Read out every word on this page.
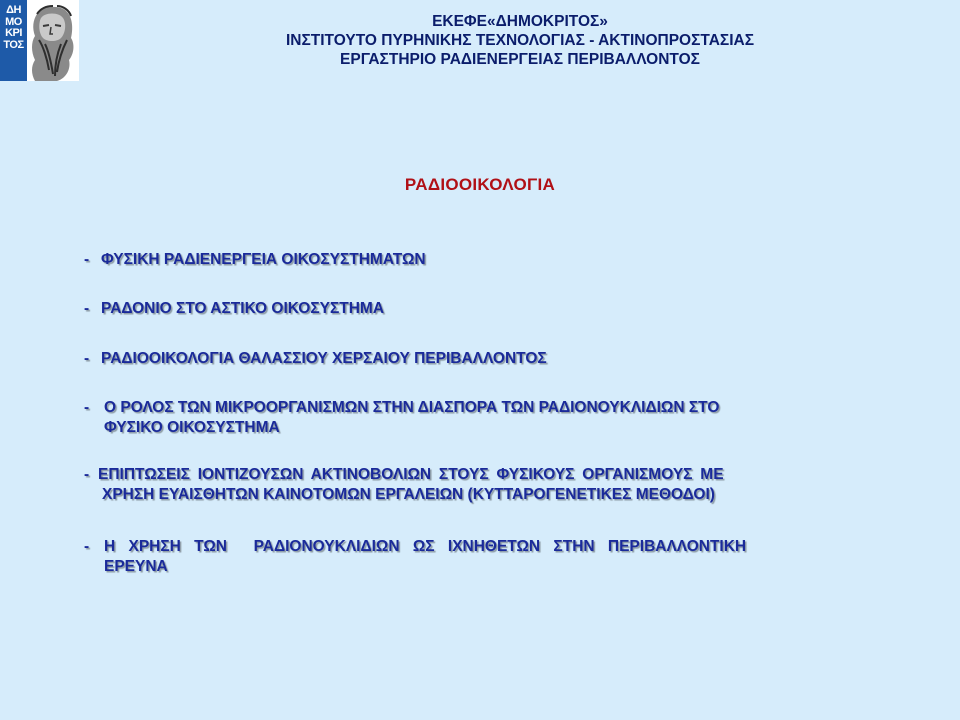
ΔΗ
ΜΟ
ΚΡΙ
ΤΟΣ
ΕΚΕΦΕ«ΔΗΜΟΚΡΙΤΟΣ»
ΙΝΣΤΙΤΟΥΤΟ ΠΥΡΗΝΙΚΗΣ ΤΕΧΝΟΛΟΓΙΑΣ - ΑΚΤΙΝΟΠΡΟΣΤΑΣΙΑΣ
ΕΡΓΑΣΤΗΡΙΟ ΡΑΔΙΕΝΕΡΓΕΙΑΣ ΠΕΡΙΒΑΛΛΟΝΤΟΣ
ΡΑΔΙΟΟΙΚΟΛΟΓΙΑ
- ΦΥΣΙΚΗ ΡΑΔΙΕΝΕΡΓΕΙΑ ΟΙΚΟΣΥΣΤΗΜΑΤΩΝ
- ΡΑΔΟΝΙΟ ΣΤΟ ΑΣΤΙΚΟ ΟΙΚΟΣΥΣΤΗΜΑ
- ΡΑΔΙΟΟΙΚΟΛΟΓΙΑ ΘΑΛΑΣΣΙΟΥ ΧΕΡΣΑΙΟΥ ΠΕΡΙΒΑΛΛΟΝΤΟΣ
- Ο ΡΟΛΟΣ ΤΩΝ ΜΙΚΡΟΟΡΓΑΝΙΣΜΩΝ ΣΤΗΝ ΔΙΑΣΠΟΡΑ ΤΩΝ ΡΑΔΙΟΝΟΥΚΛΙΔΙΩΝ ΣΤΟ
ΦΥΣΙΚΟ ΟΙΚΟΣΥΣΤΗΜΑ
- ΕΠΙΠΤΩΣΕΙΣ ΙΟΝΤΙΖΟΥΣΩΝ ΑΚΤΙΝΟΒΟΛΙΩΝ ΣΤΟΥΣ ΦΥΣΙΚΟΥΣ ΟΡΓΑΝΙΣΜΟΥΣ ΜΕ
ΧΡΗΣΗ ΕΥΑΙΣΘΗΤΩΝ ΚΑΙΝΟΤΟΜΩΝ ΕΡΓΑΛΕΙΩΝ (ΚΥΤΤΑΡΟΓΕΝΕΤΙΚΕΣ ΜΕΘΟΔΟΙ)
- Η ΧΡΗΣΗ ΤΩΝ  ΡΑΔΙΟΝΟΥΚΛΙΔΙΩΝ ΩΣ ΙΧΝΗΘΕΤΩΝ ΣΤΗΝ ΠΕΡΙΒΑΛΛΟΝΤΙΚΗ
ΕΡΕΥΝΑ
